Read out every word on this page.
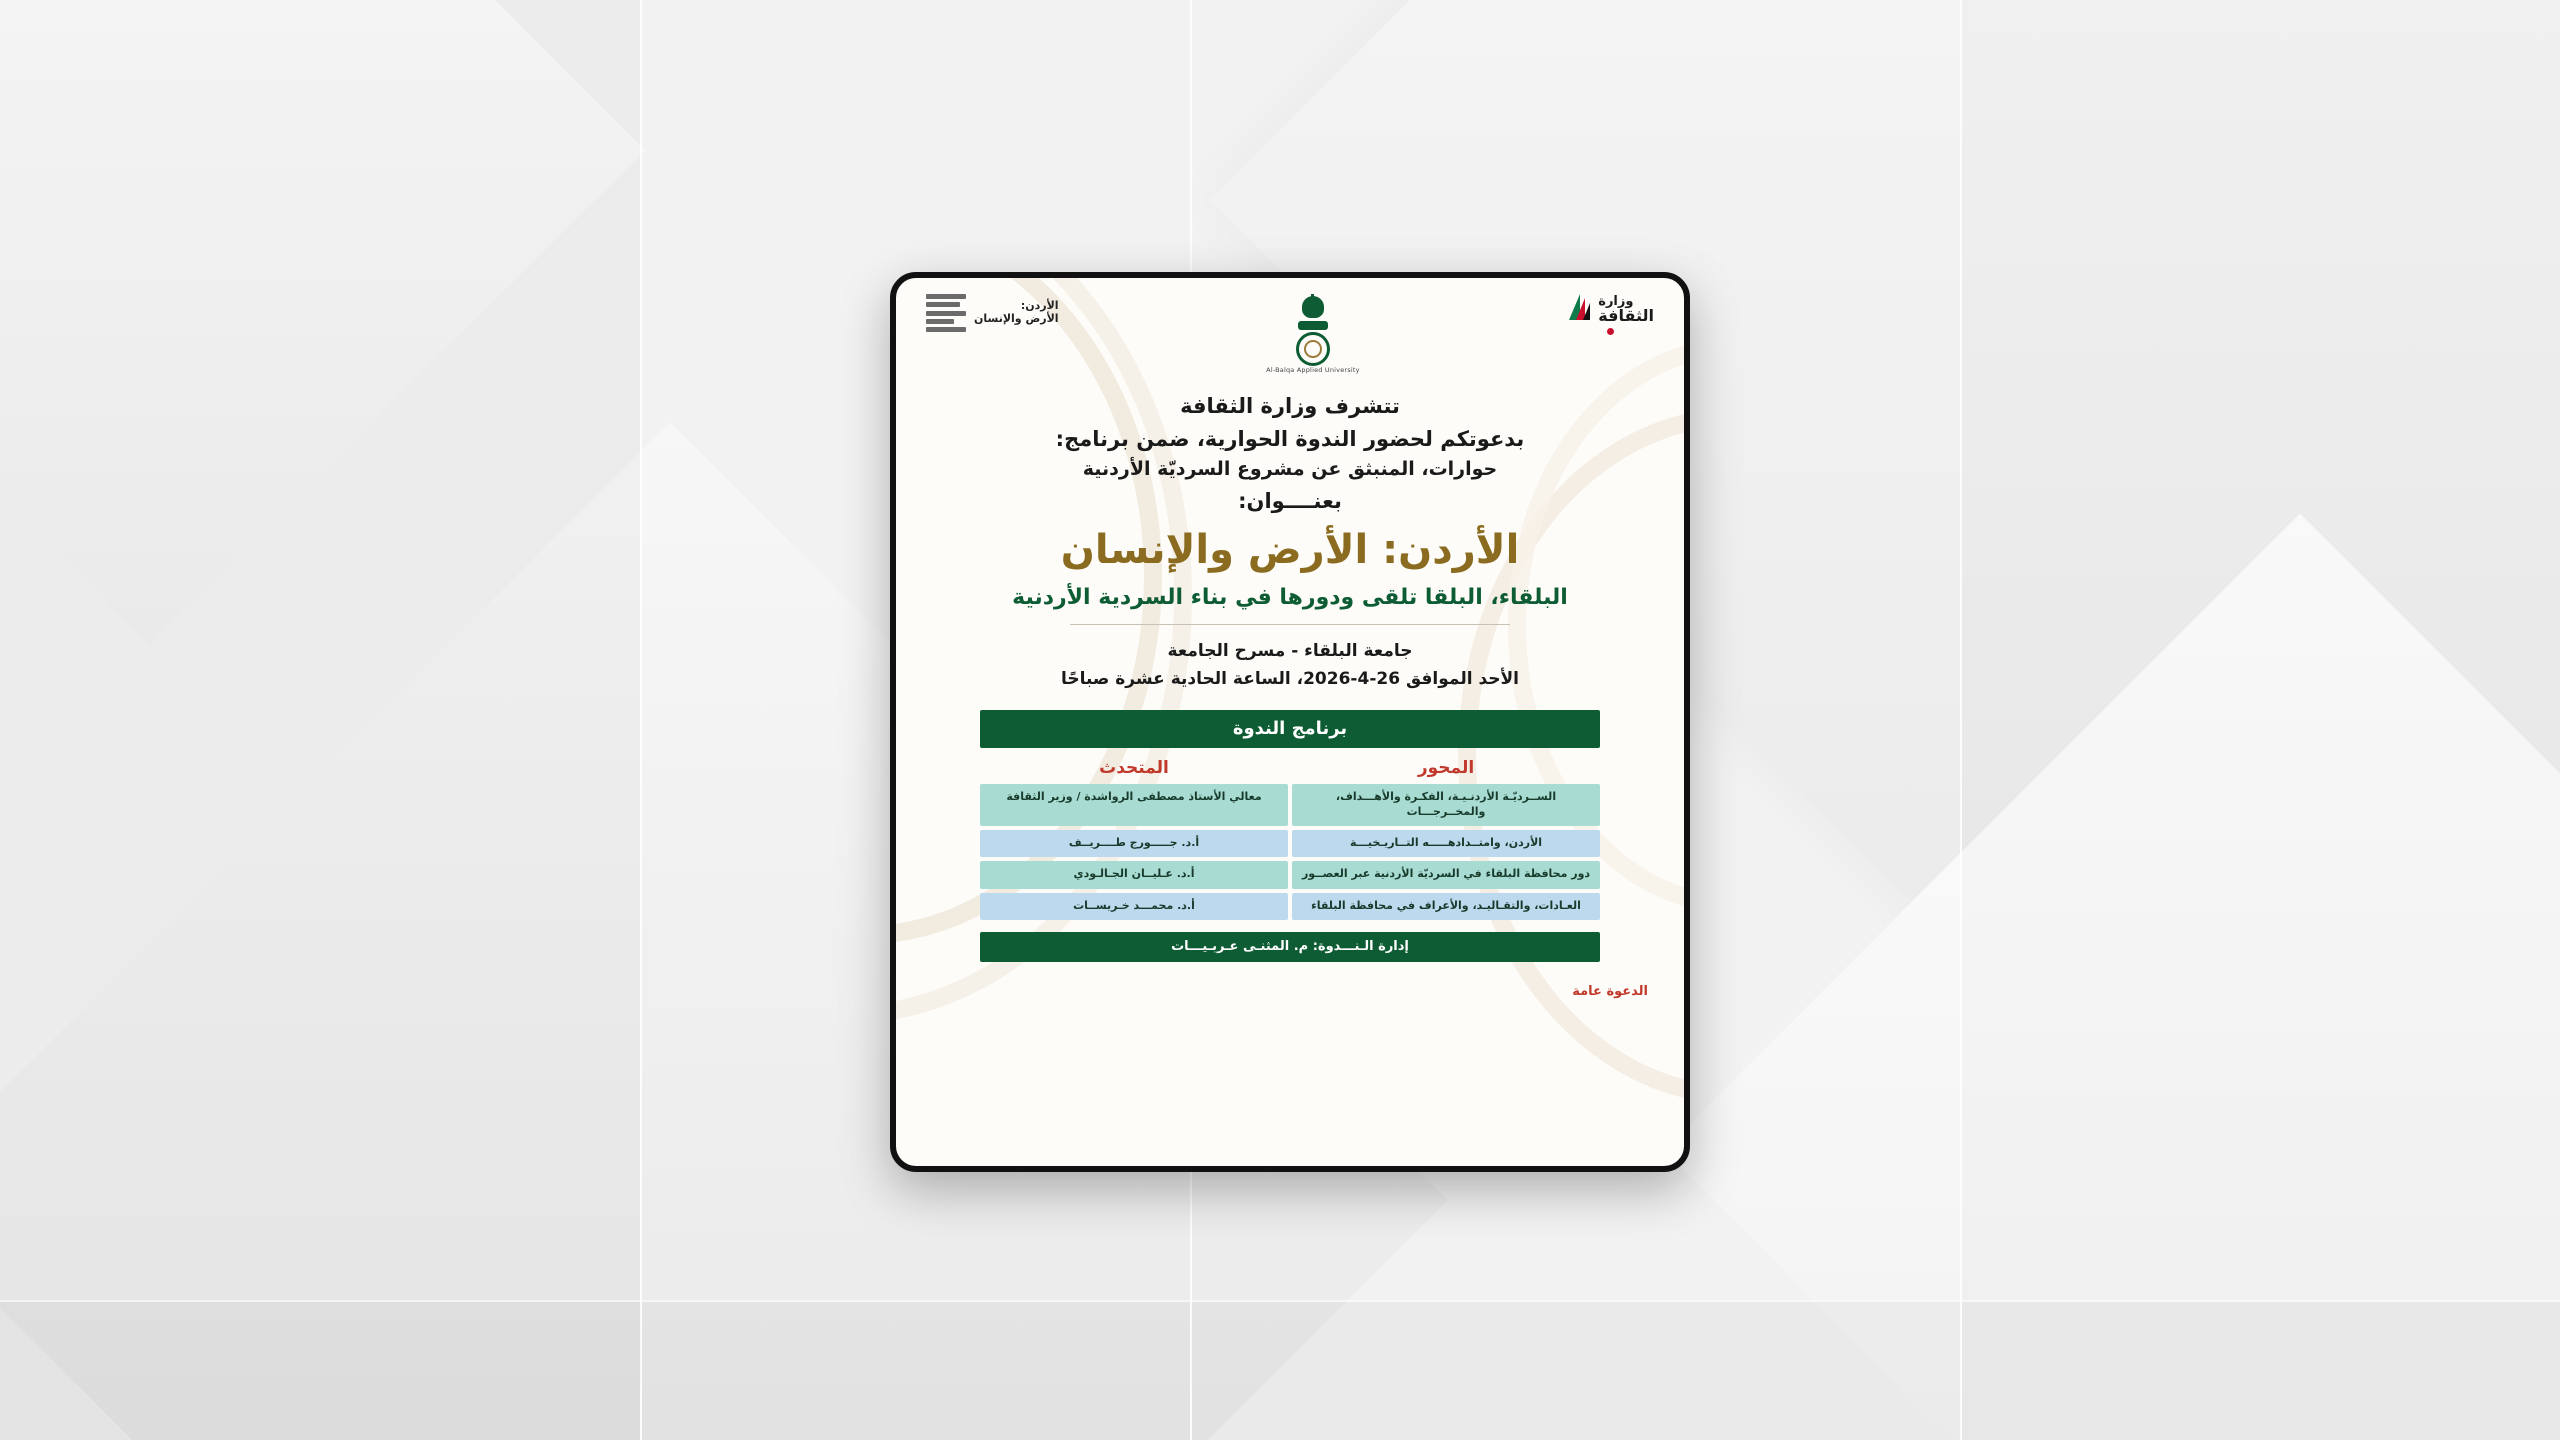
وزارة
الثقافة
Al-Balqa Applied University
الأردن:
الأرض والإنسان
تتشرف وزارة الثقافة
بدعوتكم لحضور الندوة الحوارية، ضمن برنامج:
حوارات، المنبثق عن مشروع السرديّة الأردنية
بعنــــوان:
الأردن: الأرض والإنسان
البلقاء، البلقا تلقى ودورها في بناء السردية الأردنية
جامعة البلقاء - مسرح الجامعة
الأحد الموافق 26-4-2026، الساعة الحادية عشرة صباحًا
برنامج الندوة
المحور
المتحدث
الســرديّـة الأردنـيـة، الفكـرة والأهـــداف، والمخــرجـــات
معالي الأستاذ مصطفى الرواشدة / وزير الثقافة
الأردن، وامتــدادهـــــه التــاريـخيـــة
أ.د. جـــــورج طــــريــف
دور محافظة البلقاء في السرديّة الأردنية عبر العصــور
أ.د. عـليــان الجـالـودي
العـادات، والتقـاليـد، والأعراف في محافظة البلقاء
أ.د. محمـــد خـريســات
إدارة الـنـــدوة: م. المثنـى عـربـيـــات
الدعوة عامة
